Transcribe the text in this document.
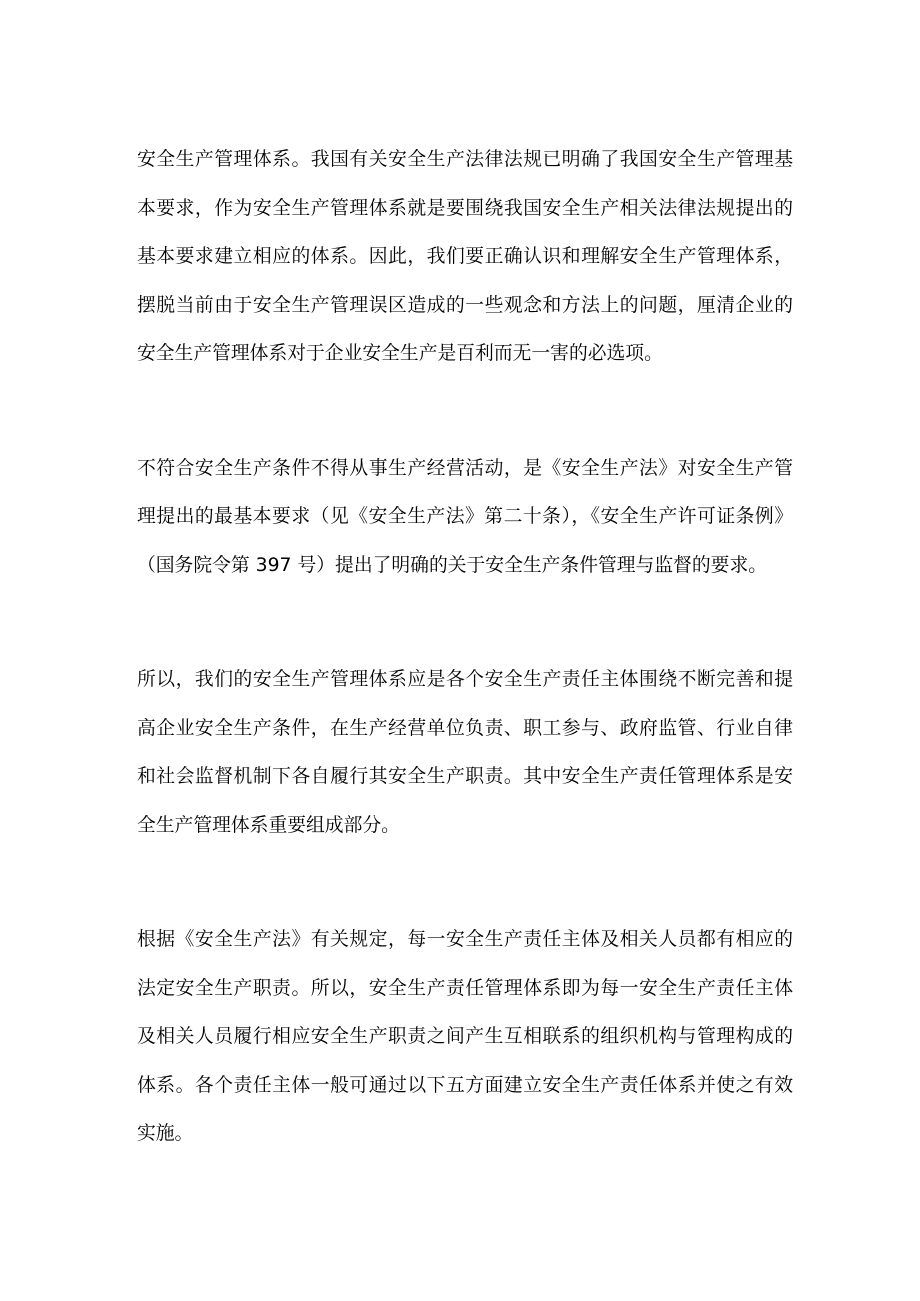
安全生产管理体系。我国有关安全生产法律法规已明确了我国安全生产管理基本要求，作为安全生产管理体系就是要围绕我国安全生产相关法律法规提出的基本要求建立相应的体系。因此，我们要正确认识和理解安全生产管理体系，摆脱当前由于安全生产管理误区造成的一些观念和方法上的问题，厘清企业的安全生产管理体系对于企业安全生产是百利而无一害的必选项。

不符合安全生产条件不得从事生产经营活动，是《安全生产法》对安全生产管理提出的最基本要求（见《安全生产法》第二十条），《安全生产许可证条例》（国务院令第 397 号）提出了明确的关于安全生产条件管理与监督的要求。

所以，我们的安全生产管理体系应是各个安全生产责任主体围绕不断完善和提高企业安全生产条件，在生产经营单位负责、职工参与、政府监管、行业自律和社会监督机制下各自履行其安全生产职责。其中安全生产责任管理体系是安全生产管理体系重要组成部分。

根据《安全生产法》有关规定，每一安全生产责任主体及相关人员都有相应的法定安全生产职责。所以，安全生产责任管理体系即为每一安全生产责任主体及相关人员履行相应安全生产职责之间产生互相联系的组织机构与管理构成的体系。各个责任主体一般可通过以下五方面建立安全生产责任体系并使之有效实施。
